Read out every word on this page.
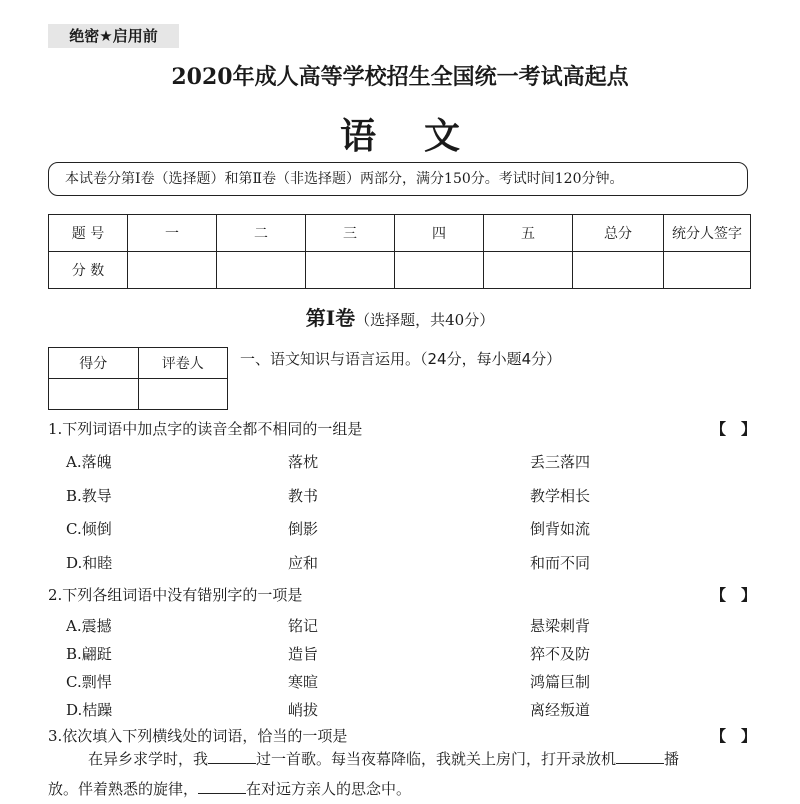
绝密★启用前
2020年成人高等学校招生全国统一考试高起点
语文
本试卷分第Ⅰ卷（选择题）和第Ⅱ卷（非选择题）两部分，满分150分。考试时间120分钟。
题 号	一	二	三	四	五	总分	统分人签字
分 数							
第Ⅰ卷（选择题，共40分）
得分	评卷人
	一、语文知识与语言运用。（24分，每小题4分）
1.下列词语中加点字的读音全都不相同的一组是	【　】
A.落魄	落枕	丢三落四
B.教导	教书	教学相长
C.倾倒	倒影	倒背如流
D.和睦	应和	和而不同
2.下列各组词语中没有错别字的一项是	【　】
A.震撼	铭记	悬梁刺背
B.翩跹	造旨	猝不及防
C.剽悍	寒暄	鸿篇巨制
D.桔躁	峭拔	离经叛道
3.依次填入下列横线处的词语，恰当的一项是	【　】
在异乡求学时，我	过一首歌。每当夜幕降临，我就关上房门，打开录放机	播
放。伴着熟悉的旋律，	在对远方亲人的思念中。
